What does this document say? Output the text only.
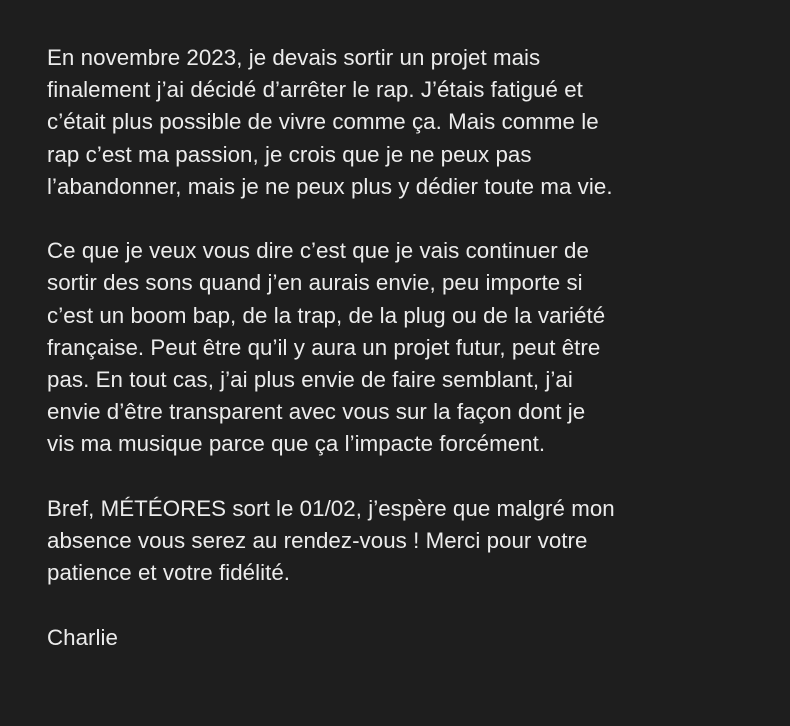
En novembre 2023, je devais sortir un projet mais
finalement j’ai décidé d’arrêter le rap. J’étais fatigué et
c’était plus possible de vivre comme ça. Mais comme le
rap c’est ma passion, je crois que je ne peux pas
l’abandonner, mais je ne peux plus y dédier toute ma vie.

Ce que je veux vous dire c’est que je vais continuer de
sortir des sons quand j’en aurais envie, peu importe si
c’est un boom bap, de la trap, de la plug ou de la variété
française. Peut être qu’il y aura un projet futur, peut être
pas. En tout cas, j’ai plus envie de faire semblant, j’ai
envie d’être transparent avec vous sur la façon dont je
vis ma musique parce que ça l’impacte forcément.

Bref, MÉTÉORES sort le 01/02, j’espère que malgré mon
absence vous serez au rendez-vous ! Merci pour votre
patience et votre fidélité.

Charlie
